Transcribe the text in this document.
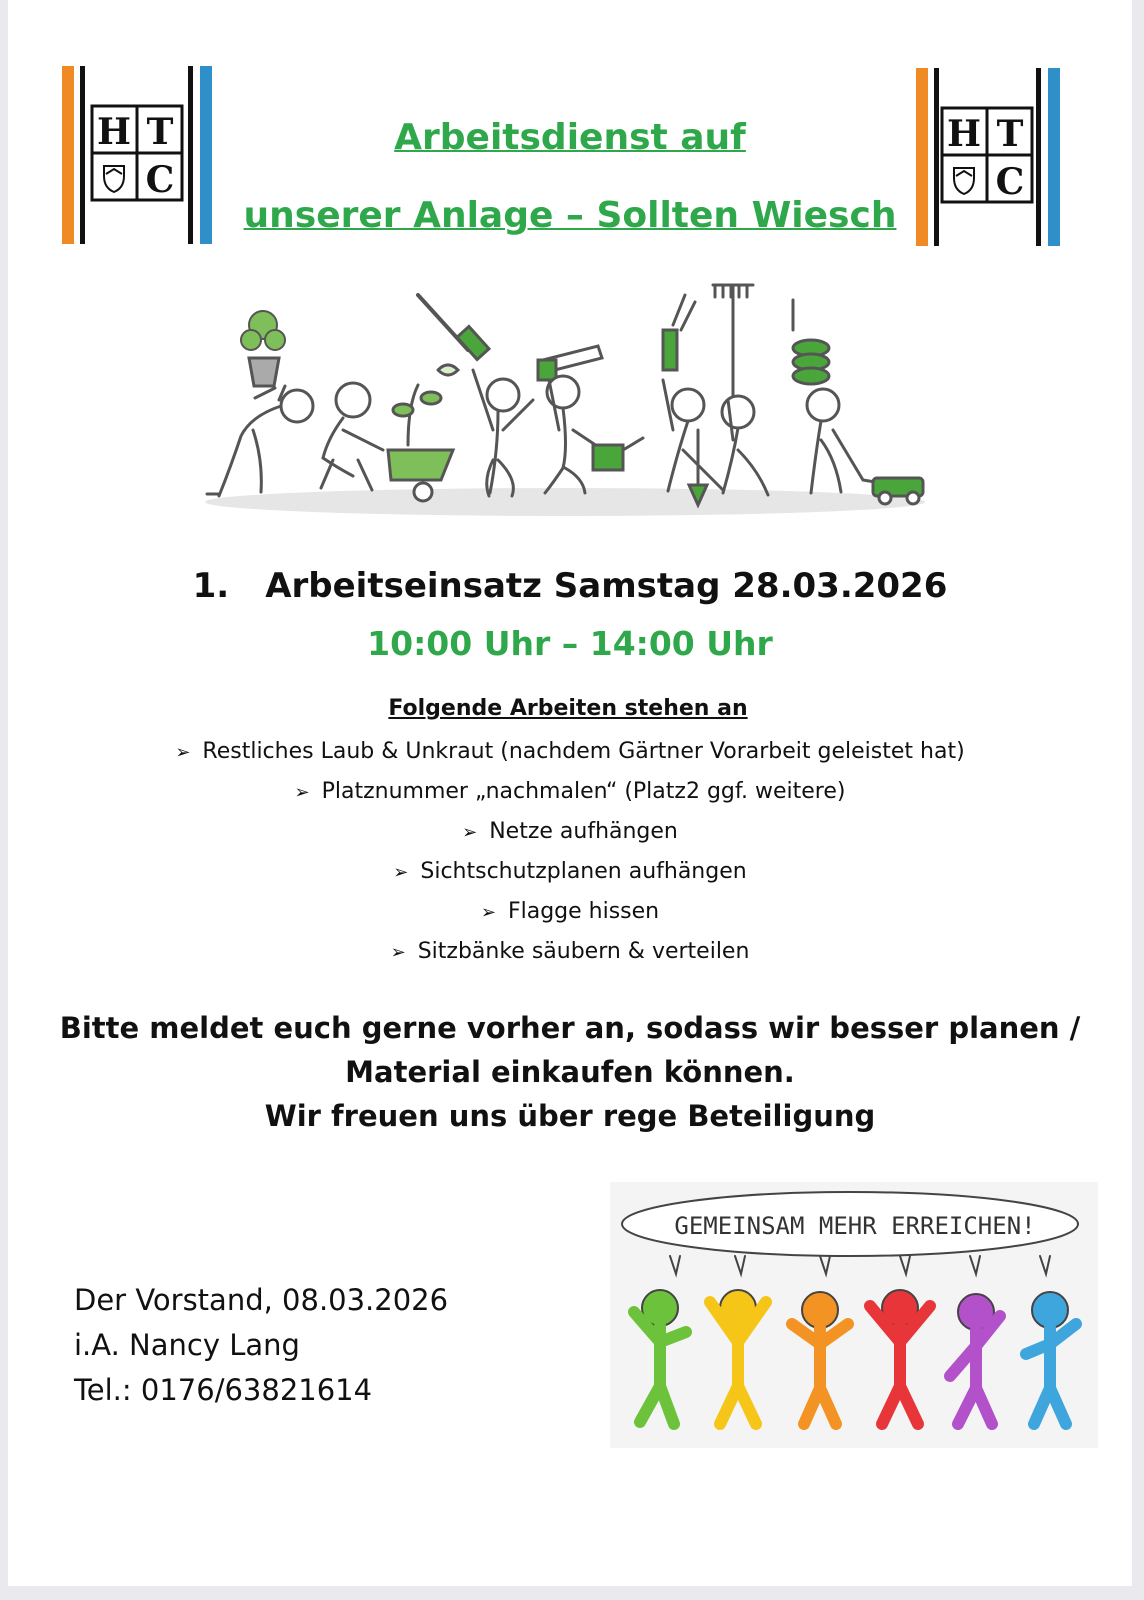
H T
C
Arbeitsdienst auf
unserer Anlage – Sollten Wiesch
H T
C
1. Arbeitseinsatz Samstag 28.03.2026
10:00 Uhr – 14:00 Uhr
Folgende Arbeiten stehen an
➢ Restliches Laub & Unkraut (nachdem Gärtner Vorarbeit geleistet hat)
➢ Platznummer „nachmalen“ (Platz2 ggf. weitere)
➢ Netze aufhängen
➢ Sichtschutzplanen aufhängen
➢ Flagge hissen
➢ Sitzbänke säubern & verteilen
Bitte meldet euch gerne vorher an, sodass wir besser planen /
Material einkaufen können.
Wir freuen uns über rege Beteiligung
Der Vorstand, 08.03.2026
i.A. Nancy Lang
Tel.: 0176/63821614
GEMEINSAM MEHR ERREICHEN!
